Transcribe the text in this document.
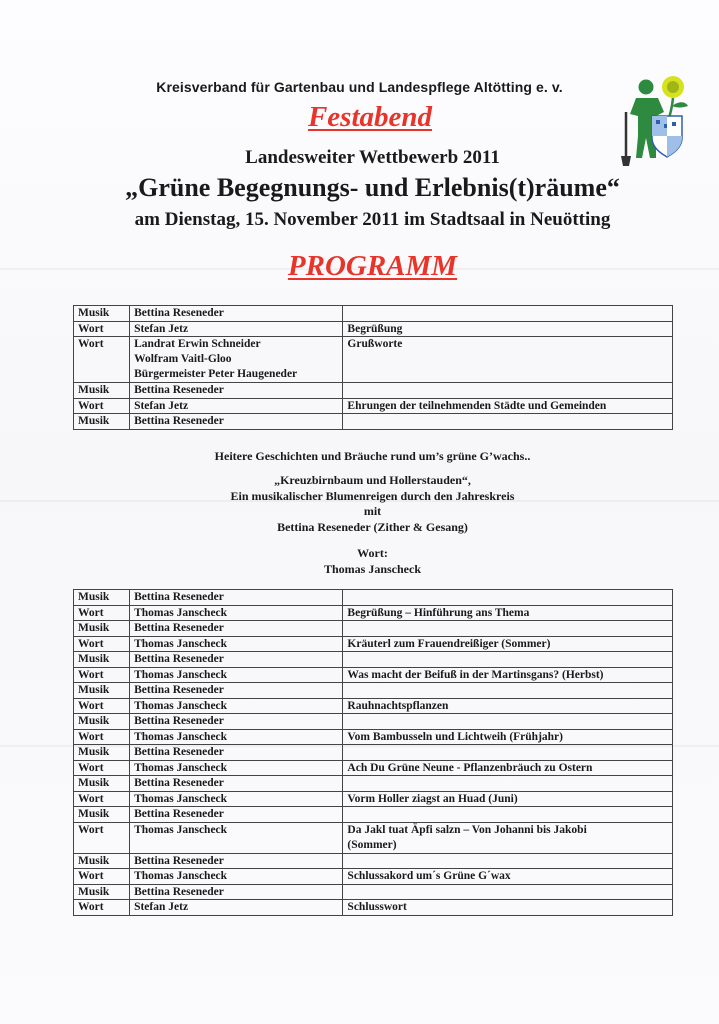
Kreisverband für Gartenbau und Landespflege Altötting e. v.
Festabend
Landesweiter Wettbewerb 2011
„Grüne Begegnungs- und Erlebnis(t)räume“
am Dienstag, 15. November 2011 im Stadtsaal in Neuötting
PROGRAMM
Musik	Bettina Reseneder	
Wort	Stefan Jetz	Begrüßung
Wort	Landrat Erwin Schneider
Wolfram Vaitl-Gloo
Bürgermeister Peter Haugeneder	Grußworte
Musik	Bettina Reseneder	
Wort	Stefan Jetz	Ehrungen der teilnehmenden Städte und Gemeinden
Musik	Bettina Reseneder	
Heitere Geschichten und Bräuche rund um’s grüne G’wachs..
„Kreuzbirnbaum und Hollerstauden“,
Ein musikalischer Blumenreigen durch den Jahreskreis
mit
Bettina Reseneder (Zither & Gesang)
Wort:
Thomas Janscheck
Musik	Bettina Reseneder	
Wort	Thomas Janscheck	Begrüßung – Hinführung ans Thema
Musik	Bettina Reseneder	
Wort	Thomas Janscheck	Kräuterl zum Frauendreißiger (Sommer)
Musik	Bettina Reseneder	
Wort	Thomas Janscheck	Was macht der Beifuß in der Martinsgans? (Herbst)
Musik	Bettina Reseneder	
Wort	Thomas Janscheck	Rauhnachtspflanzen
Musik	Bettina Reseneder	
Wort	Thomas Janscheck	Vom Bambusseln und Lichtweih (Frühjahr)
Musik	Bettina Reseneder	
Wort	Thomas Janscheck	Ach Du Grüne Neune - Pflanzenbräuch zu Ostern
Musik	Bettina Reseneder	
Wort	Thomas Janscheck	Vorm Holler ziagst an Huad (Juni)
Musik	Bettina Reseneder	
Wort	Thomas Janscheck	Da Jakl tuat Äpfi salzn – Von Johanni bis Jakobi
(Sommer)

Musik	Bettina Reseneder	
Wort	Thomas Janscheck	Schlussakord um´s Grüne G´wax
Musik	Bettina Reseneder	
Wort	Stefan Jetz	Schlusswort
